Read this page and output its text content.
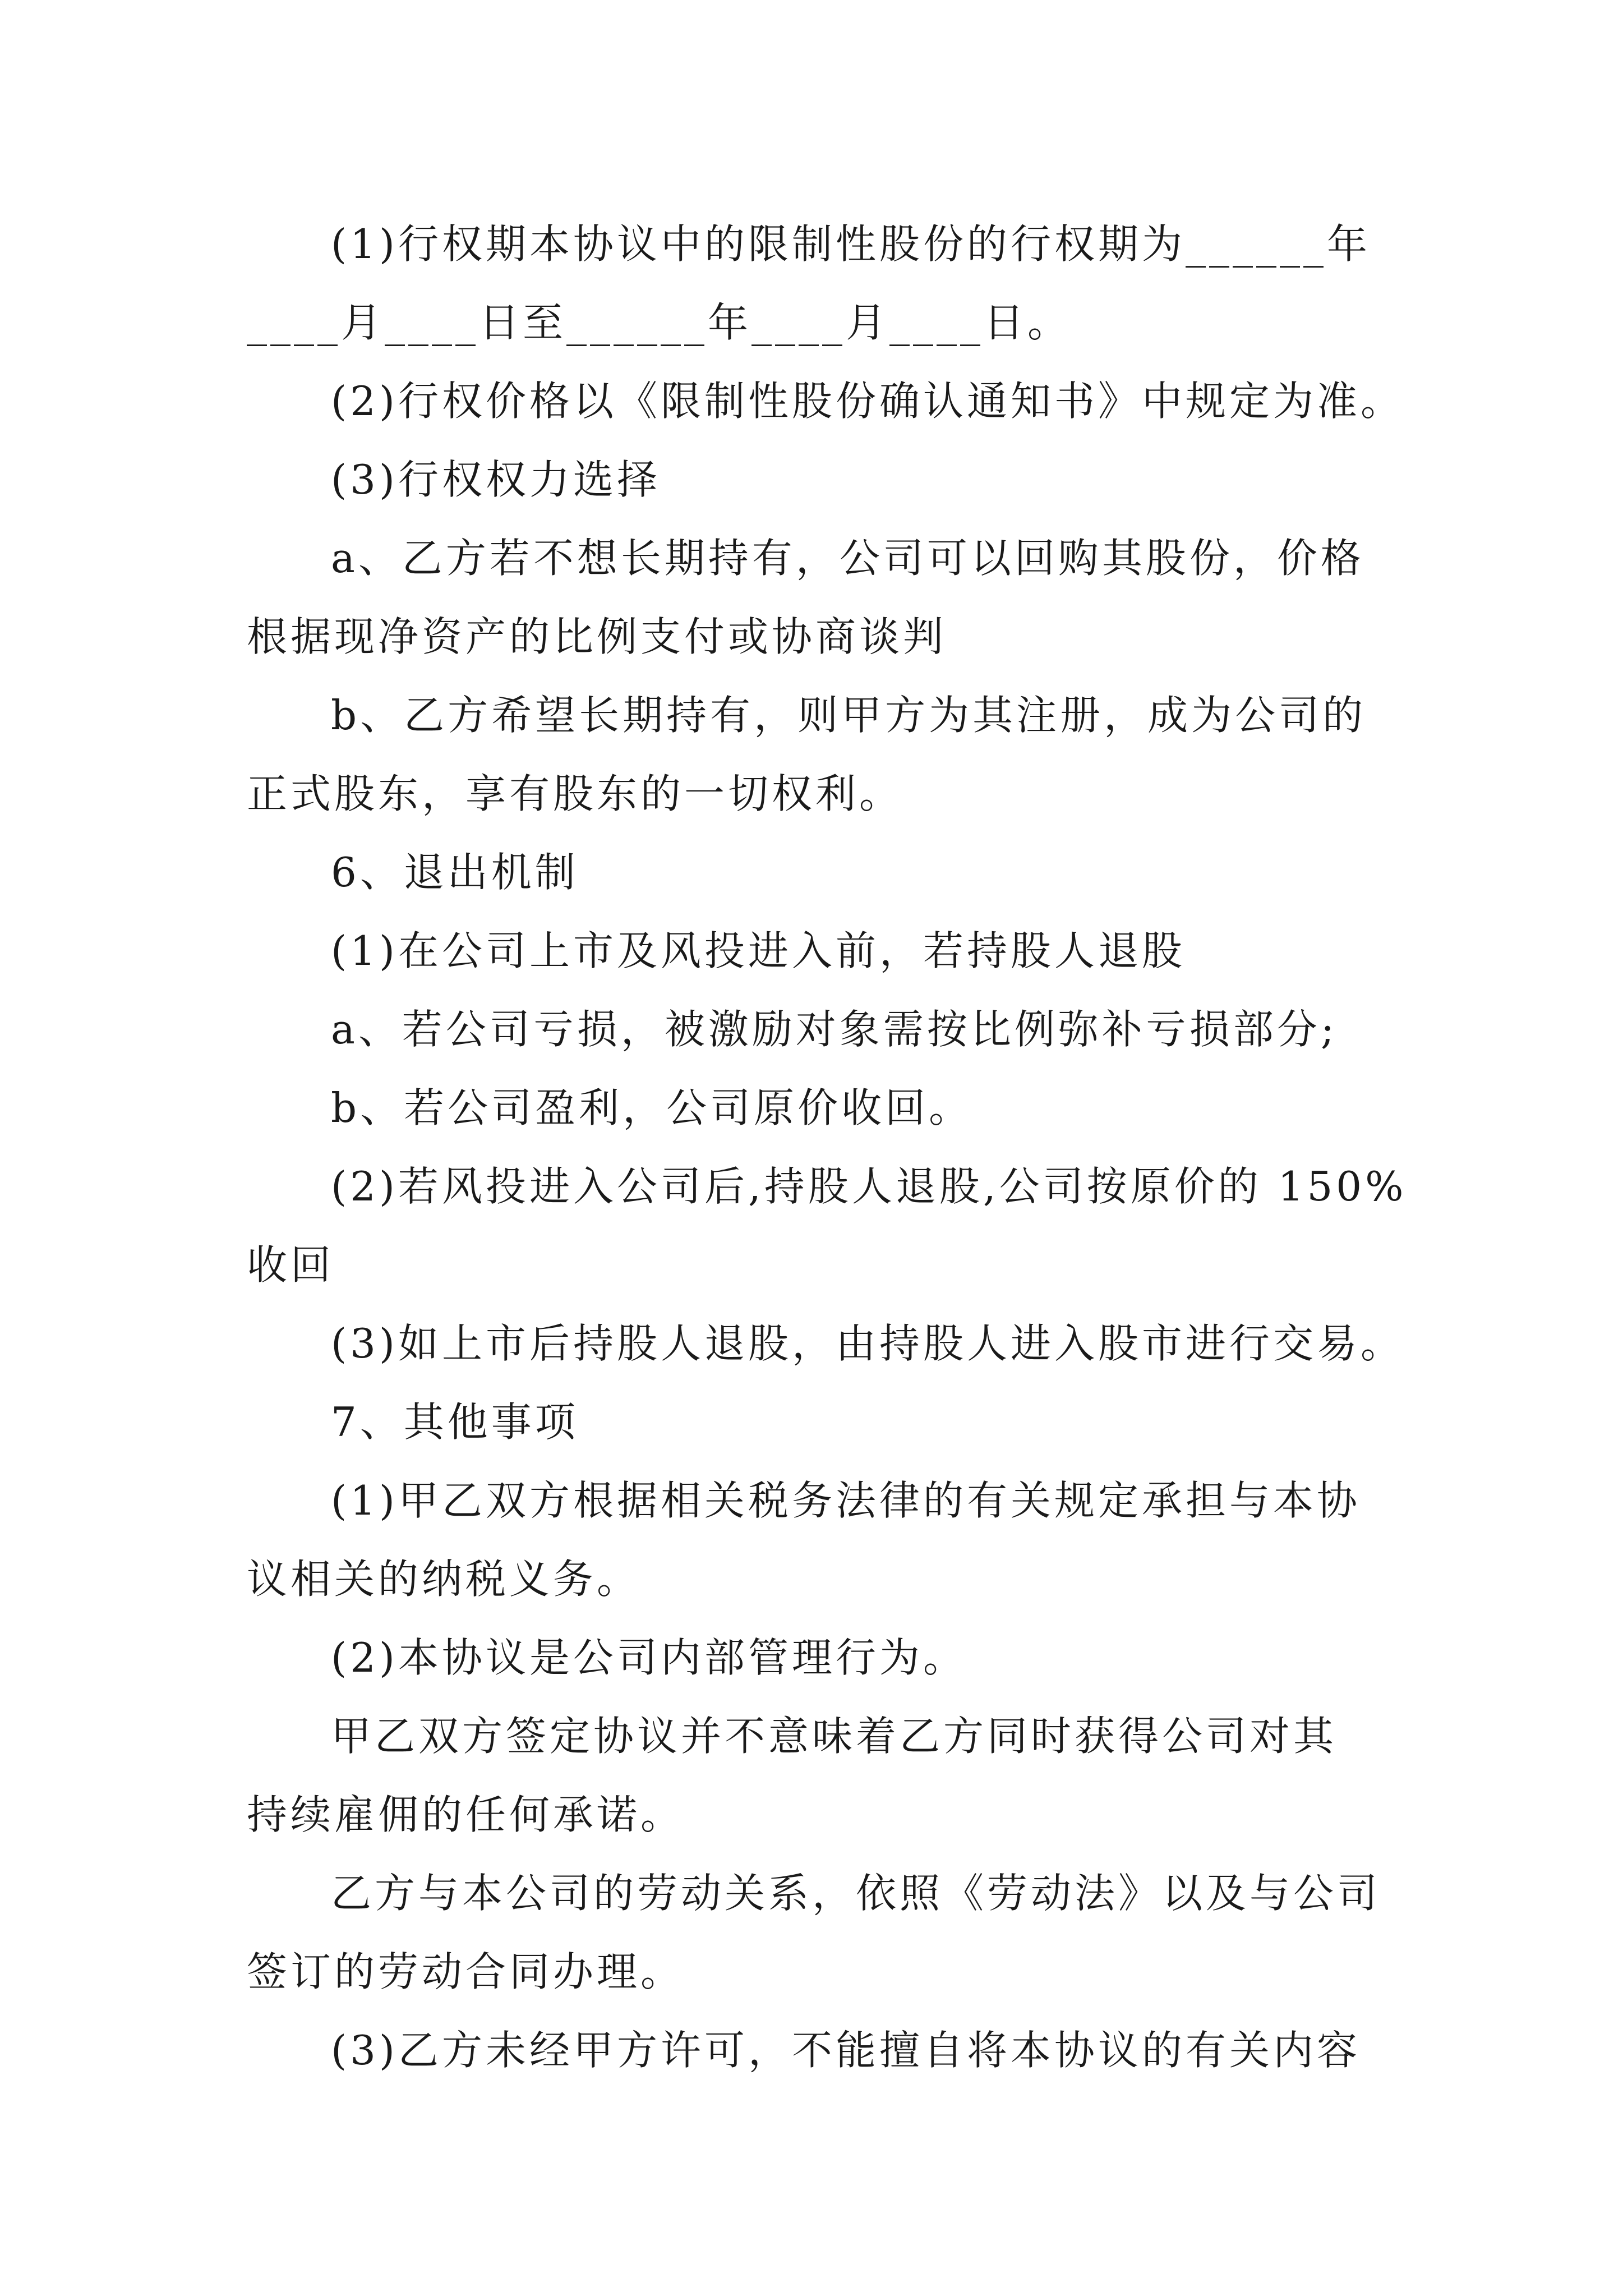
(1)行权期本协议中的限制性股份的行权期为______年
____月____日至______年____月____日。
(2)行权价格以《限制性股份确认通知书》中规定为准。
(3)行权权力选择
a、乙方若不想长期持有，公司可以回购其股份，价格
根据现净资产的比例支付或协商谈判
b、乙方希望长期持有，则甲方为其注册，成为公司的
正式股东，享有股东的一切权利。
6、退出机制
(1)在公司上市及风投进入前，若持股人退股
a、若公司亏损，被激励对象需按比例弥补亏损部分;
b、若公司盈利，公司原价收回。
(2)若风投进入公司后,持股人退股,公司按原价的 150%
收回
(3)如上市后持股人退股，由持股人进入股市进行交易。
7、其他事项
(1)甲乙双方根据相关税务法律的有关规定承担与本协
议相关的纳税义务。
(2)本协议是公司内部管理行为。
甲乙双方签定协议并不意味着乙方同时获得公司对其
持续雇佣的任何承诺。
乙方与本公司的劳动关系，依照《劳动法》以及与公司
签订的劳动合同办理。
(3)乙方未经甲方许可，不能擅自将本协议的有关内容
